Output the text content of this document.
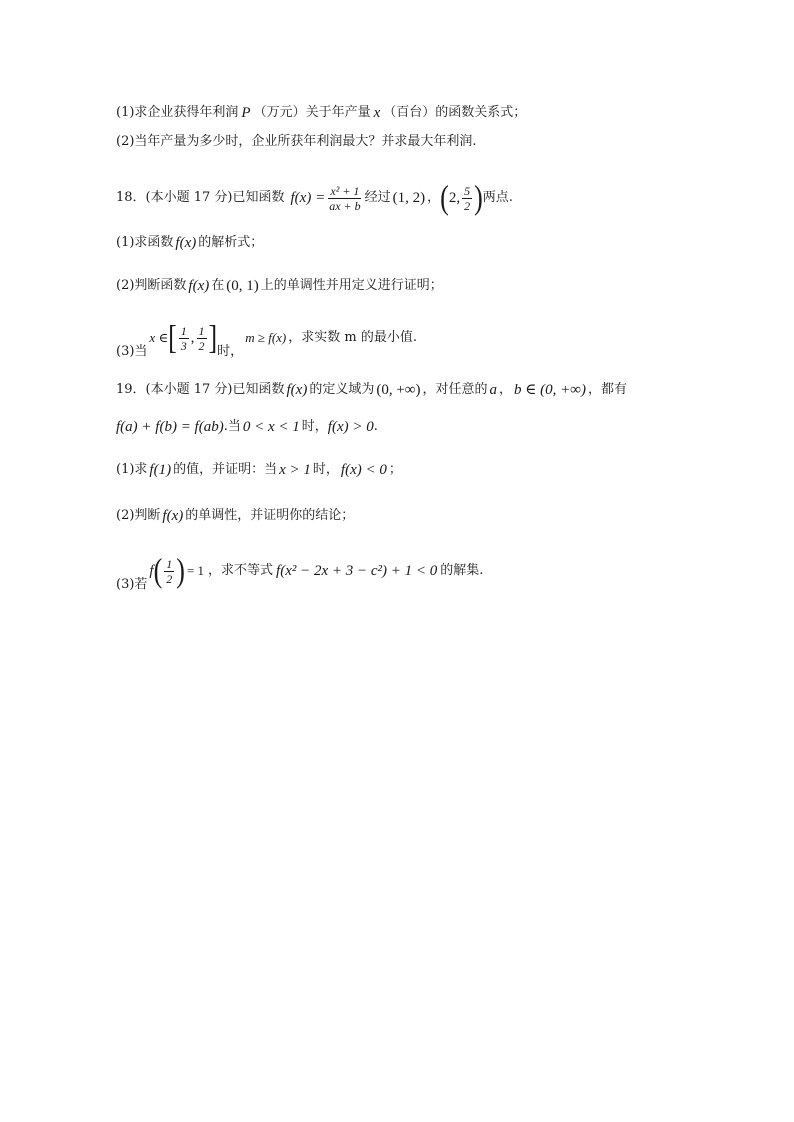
(1)求企业获得年利润 P （万元）关于年产量 x （百台）的函数关系式；
(2)当年产量为多少时，企业所获年利润最大？并求最大年利润.
18．(本小题 17 分)已知函数 $f(x) = \frac{\text{x² + 1}}{ax + b}$ 经过 (1, 2) ， ( 2, $\frac{5}{2}$ ) 两点.
(1)求函数 f(x) 的解析式；
(2)判断函数 f(x) 在 (0, 1) 上的单调性并用定义进行证明；
(3)当
x ∈ [ $\frac{1}{3}$ , $\frac{1}{2}$ ] 时，
m ≥ f(x) ，求实数 m 的最小值.
19．(本小题 17 分)已知函数 f(x) 的定义域为 (0, +∞) ，对任意的 a ， b ∈ (0, +∞) ，都有
f(a) + f(b) = f(ab) .当 0 < x < 1 时， f(x) > 0 .
(1)求 f(1) 的值，并证明：当 x > 1 时， f(x) < 0 ；
(2)判断 f(x) 的单调性，并证明你的结论；
(3)若
f ( $\frac{1}{2}$ ) = 1 ，求不等式 f(x² − 2x + 3 − c²) + 1 < 0 的解集.
